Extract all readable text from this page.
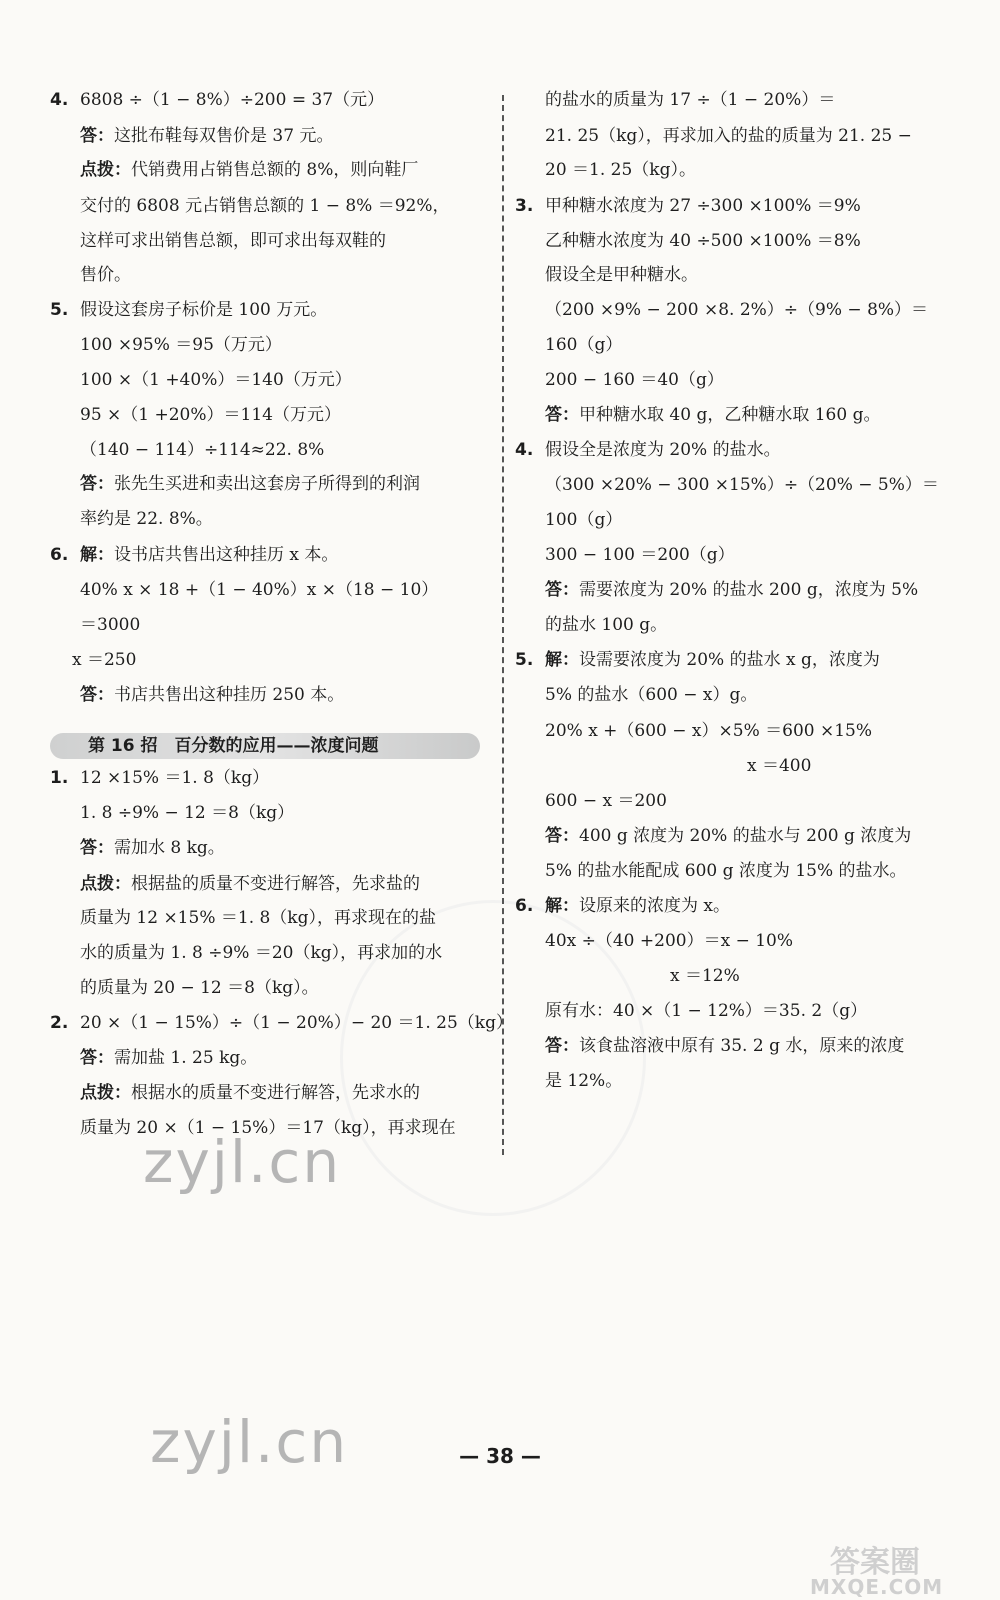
4. 6808 ÷（1 − 8%）÷200 = 37（元）
答：这批布鞋每双售价是 37 元。
点拨：代销费用占销售总额的 8%，则向鞋厂
交付的 6808 元占销售总额的 1 − 8% ＝92%，
这样可求出销售总额，即可求出每双鞋的
售价。
5. 假设这套房子标价是 100 万元。
100 ×95% ＝95（万元）
100 ×（1 +40%）＝140（万元）
95 ×（1 +20%）＝114（万元）
（140 − 114）÷114≈22. 8%
答：张先生买进和卖出这套房子所得到的利润
率约是 22. 8%。
6. 解：设书店共售出这种挂历 x 本。
40% x × 18 +（1 − 40%）x ×（18 − 10）
＝3000
x ＝250
答：书店共售出这种挂历 250 本。
第 16 招　百分数的应用——浓度问题
1. 12 ×15% ＝1. 8（kg）
1. 8 ÷9% − 12 ＝8（kg）
答：需加水 8 kg。
点拨：根据盐的质量不变进行解答，先求盐的
质量为 12 ×15% ＝1. 8（kg），再求现在的盐
水的质量为 1. 8 ÷9% ＝20（kg），再求加的水
的质量为 20 − 12 ＝8（kg）。
2. 20 ×（1 − 15%）÷（1 − 20%）− 20 ＝1. 25（kg）
答：需加盐 1. 25 kg。
点拨：根据水的质量不变进行解答，先求水的
质量为 20 ×（1 − 15%）＝17（kg），再求现在
的盐水的质量为 17 ÷（1 − 20%）＝
21. 25（kg），再求加入的盐的质量为 21. 25 −
20 ＝1. 25（kg）。
3. 甲种糖水浓度为 27 ÷300 ×100% ＝9%
乙种糖水浓度为 40 ÷500 ×100% ＝8%
假设全是甲种糖水。
（200 ×9% − 200 ×8. 2%）÷（9% − 8%）＝
160（g）
200 − 160 ＝40（g）
答：甲种糖水取 40 g，乙种糖水取 160 g。
4. 假设全是浓度为 20% 的盐水。
（300 ×20% − 300 ×15%）÷（20% − 5%）＝
100（g）
300 − 100 ＝200（g）
答：需要浓度为 20% 的盐水 200 g，浓度为 5%
的盐水 100 g。
5. 解：设需要浓度为 20% 的盐水 x g，浓度为
5% 的盐水（600 − x）g。
20% x +（600 − x）×5% ＝600 ×15%
x ＝400
600 − x ＝200
答：400 g 浓度为 20% 的盐水与 200 g 浓度为
5% 的盐水能配成 600 g 浓度为 15% 的盐水。
6. 解：设原来的浓度为 x。
40x ÷（40 +200）＝x − 10%
x ＝12%
原有水：40 ×（1 − 12%）＝35. 2（g）
答：该食盐溶液中原有 35. 2 g 水，原来的浓度
是 12%。
zyjl.cn
zyjl.cn	— 38 —
答案圈
MXQE.COM
